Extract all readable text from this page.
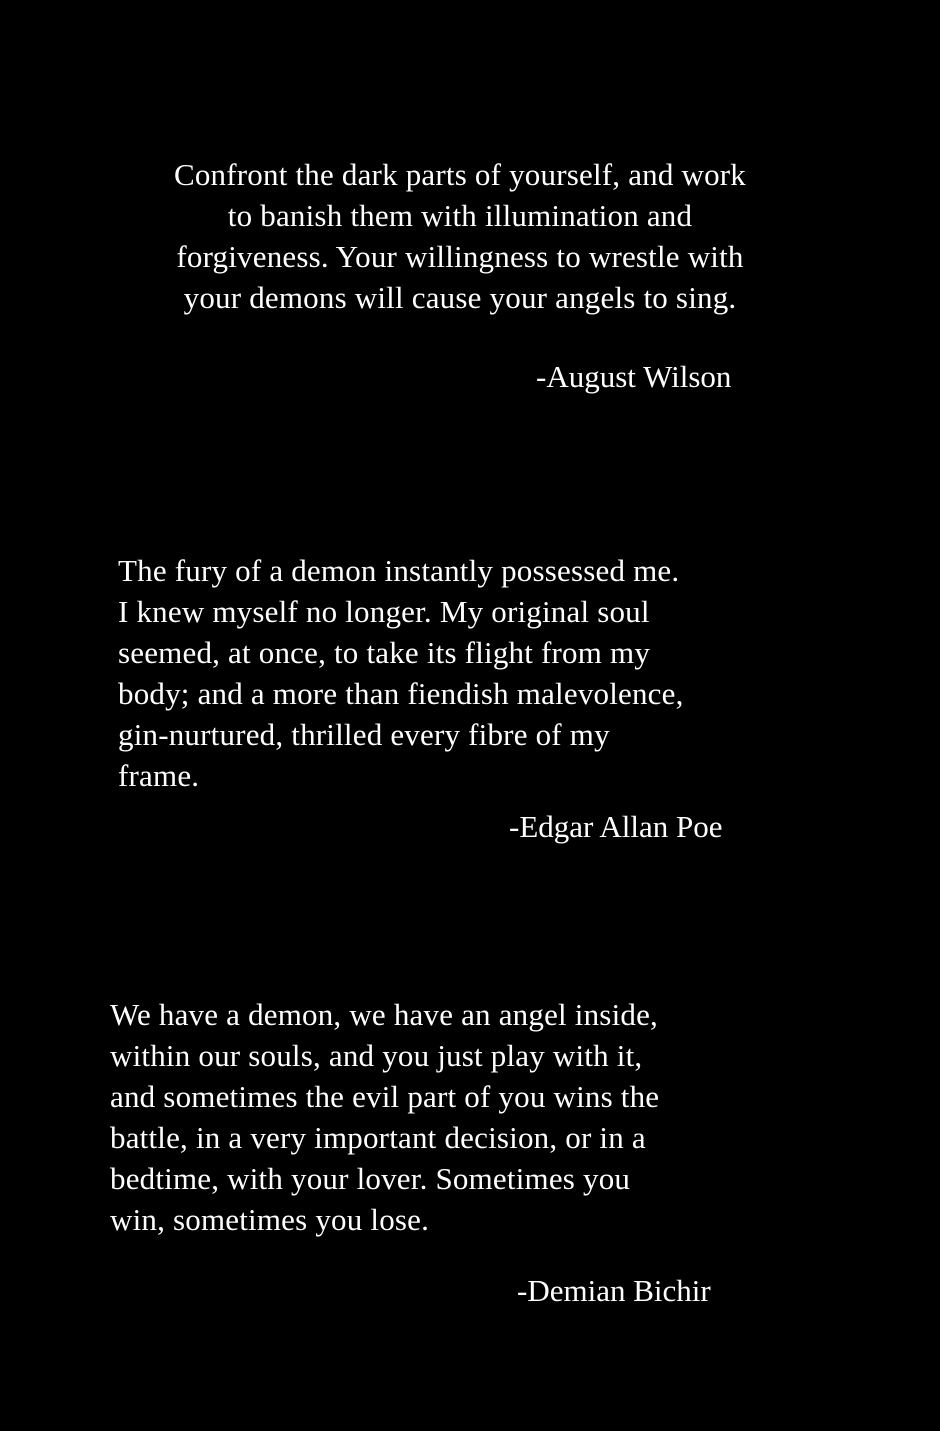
Confront the dark parts of yourself, and work
to banish them with illumination and
forgiveness. Your willingness to wrestle with
your demons will cause your angels to sing.
-August Wilson
The fury of a demon instantly possessed me.
I knew myself no longer. My original soul
seemed, at once, to take its flight from my
body; and a more than fiendish malevolence,
gin-nurtured, thrilled every fibre of my
frame.
-Edgar Allan Poe
We have a demon, we have an angel inside,
within our souls, and you just play with it,
and sometimes the evil part of you wins the
battle, in a very important decision, or in a
bedtime, with your lover. Sometimes you
win, sometimes you lose.
-Demian Bichir
